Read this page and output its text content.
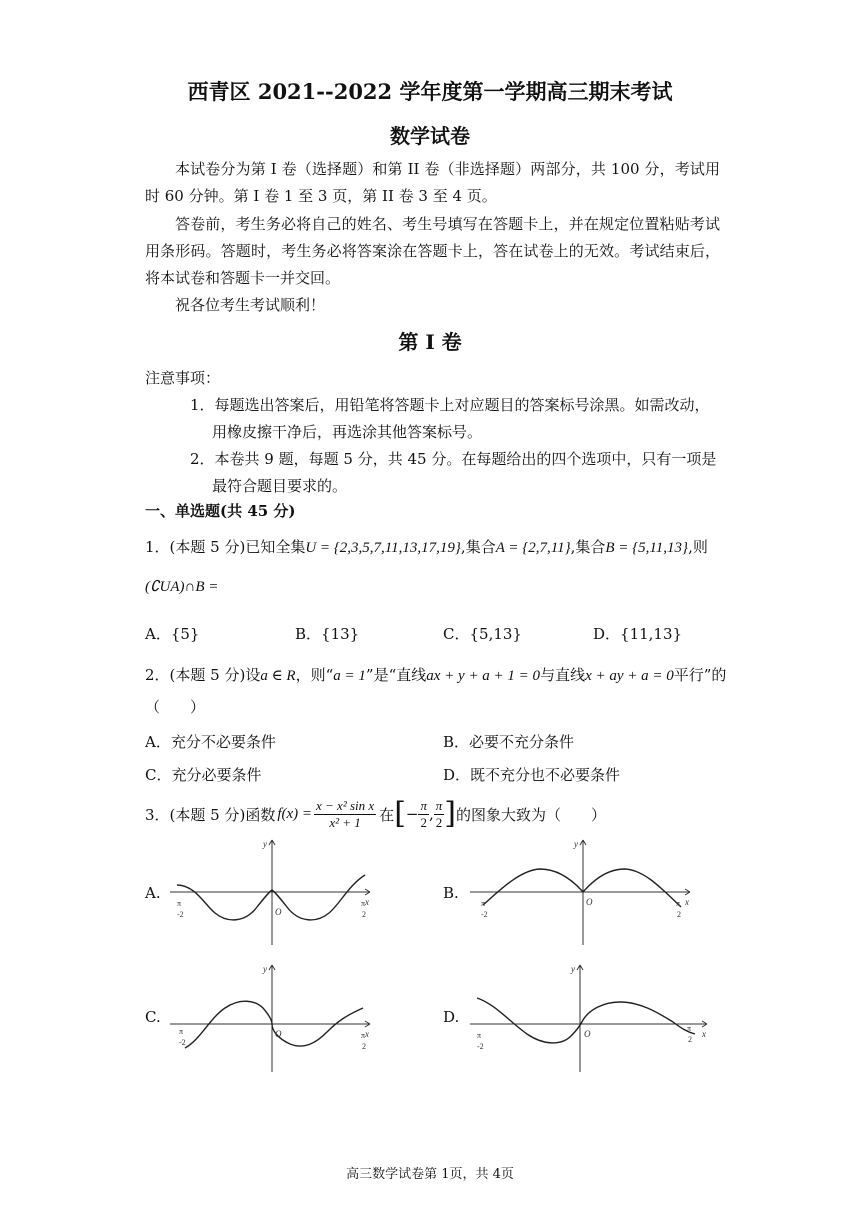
西青区 2021--2022 学年度第一学期高三期末考试
数学试卷
本试卷分为第 I 卷（选择题）和第 II 卷（非选择题）两部分，共 100 分，考试用时 60 分钟。第 I 卷 1 至 3 页，第 II 卷 3 至 4 页。
答卷前，考生务必将自己的姓名、考生号填写在答题卡上，并在规定位置粘贴考试用条形码。答题时，考生务必将答案涂在答题卡上，答在试卷上的无效。考试结束后，将本试卷和答题卡一并交回。
祝各位考生考试顺利！
第 I 卷
注意事项：
1．每题选出答案后，用铅笔将答题卡上对应题目的答案标号涂黑。如需改动，用橡皮擦干净后，再选涂其他答案标号。
2．本卷共 9 题，每题 5 分，共 45 分。在每题给出的四个选项中，只有一项是最符合题目要求的。
一、单选题(共 45 分)
1．(本题 5 分)已知全集U = {2,3,5,7,11,13,17,19},集合A = {2,7,11},集合B = {5,11,13},则
(∁UA)∩B =
A．{5}	B．{13}	C．{5,13}	D．{11,13}
2．(本题 5 分)设a ∈ R，则“a = 1”是“直线ax + y + a + 1 = 0与直线x + ay + a = 0平行”的
（　　）
A．充分不必要条件	B．必要不充分条件
C．充分必要条件	D．既不充分也不必要条件
3．(本题 5 分)函数 $f(x) = \frac{\text{x − x² sin x}}{\text{x² + 1}}$ 在 [ − $\frac{\pi}{2}$ , $\frac{\pi}{2}$ ] 的图象大致为（　　）
A.	B.
C.	D.
x
y
O
π
-2
π
2
x
y
O
π
-2
π
2
x
y
O
π
-2
π
2
x
y
O
π
-2
π
2
高三数学试卷第 1页，共 4页
